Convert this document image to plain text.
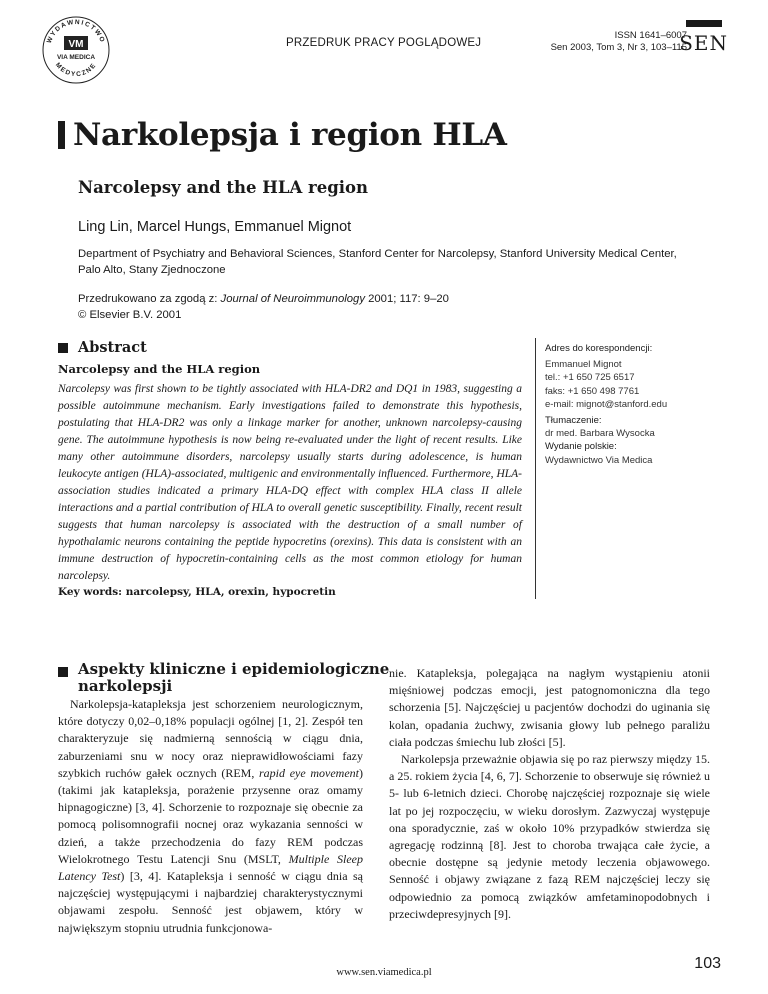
WYDAWNICTWO
MEDYCZNE
VM
VIA MEDICA
PRZEDRUK PRACY POGLĄDOWEJ
ISSN 1641–6007
Sen 2003, Tom 3, Nr 3, 103–115
SEN
Narkolepsja i region HLA
Narcolepsy and the HLA region
Ling Lin, Marcel Hungs, Emmanuel Mignot
Department of Psychiatry and Behavioral Sciences, Stanford Center for Narcolepsy, Stanford University Medical Center, Palo Alto, Stany Zjednoczone
Przedrukowano za zgodą z: Journal of Neuroimmunology 2001; 117: 9–20
© Elsevier B.V. 2001
Abstract
Narcolepsy and the HLA region
Narcolepsy was first shown to be tightly associated with HLA-DR2 and DQ1 in 1983, suggesting a possible autoimmune mechanism. Early investigations failed to demonstrate this hypothesis, postulating that HLA-DR2 was only a linkage marker for another, unknown narcolepsy-causing gene. The autoimmune hypothesis is now being re-evaluated under the light of recent results. Like many other autoimmune disorders, narcolepsy usually starts during adolescence, is human leukocyte antigen (HLA)-associated, multigenic and environmentally influenced. Furthermore, HLA-association studies indicated a primary HLA-DQ effect with complex HLA class II allele interactions and a partial contribution of HLA to overall genetic susceptibility. Finally, recent result suggests that human narcolepsy is associated with the destruction of a small number of hypothalamic neurons containing the peptide hypocretins (orexins). This data is consistent with an immune destruction of hypocretin-containing cells as the most common etiology for human narcolepsy.
Key words: narcolepsy, HLA, orexin, hypocretin
Adres do korespondencji:
Emmanuel Mignot
tel.: +1 650 725 6517
faks: +1 650 498 7761
e-mail: mignot@stanford.edu
Tłumaczenie:
dr med. Barbara Wysocka
Wydanie polskie:
Wydawnictwo Via Medica
Aspekty kliniczne i epidemiologiczne narkolepsji

Narkolepsja-katapleksja jest schorzeniem neurologicznym, które dotyczy 0,02–0,18% populacji ogólnej [1, 2]. Zespół ten charakteryzuje się nadmierną sennością w ciągu dnia, zaburzeniami snu w nocy oraz nieprawidłowościami fazy szybkich ruchów gałek ocznych (REM, rapid eye movement) (takimi jak katapleksja, porażenie przysenne oraz omamy hipnagogiczne) [3, 4]. Schorzenie to rozpoznaje się obecnie za pomocą polisomnografii nocnej oraz wykazania senności w dzień, a także przechodzenia do fazy REM podczas Wielokrotnego Testu Latencji Snu (MSLT, Multiple Sleep Latency Test) [3, 4]. Katapleksja i senność w ciągu dnia są najczęściej występującymi i najbardziej charakterystycznymi objawami zespołu. Senność jest objawem, który w największym stopniu utrudnia funkcjonowa-

nie. Katapleksja, polegająca na nagłym wystąpieniu atonii mięśniowej podczas emocji, jest patognomoniczna dla tego schorzenia [5]. Najczęściej u pacjentów dochodzi do uginania się kolan, opadania żuchwy, zwisania głowy lub pełnego paraliżu ciała podczas śmiechu lub złości [5].

Narkolepsja przeważnie objawia się po raz pierwszy między 15. a 25. rokiem życia [4, 6, 7]. Schorzenie to obserwuje się również u 5- lub 6-letnich dzieci. Chorobę najczęściej rozpoznaje się wiele lat po jej rozpoczęciu, w wieku dorosłym. Zazwyczaj występuje ona sporadycznie, zaś w około 10% przypadków stwierdza się agregację rodzinną [8]. Jest to choroba trwająca całe życie, a obecnie dostępne są jedynie metody leczenia objawowego. Senność i objawy związane z fazą REM najczęściej leczy się odpowiednio za pomocą związków amfetaminopodobnych i przeciwdepresyjnych [9].

www.sen.viamedica.pl
103
